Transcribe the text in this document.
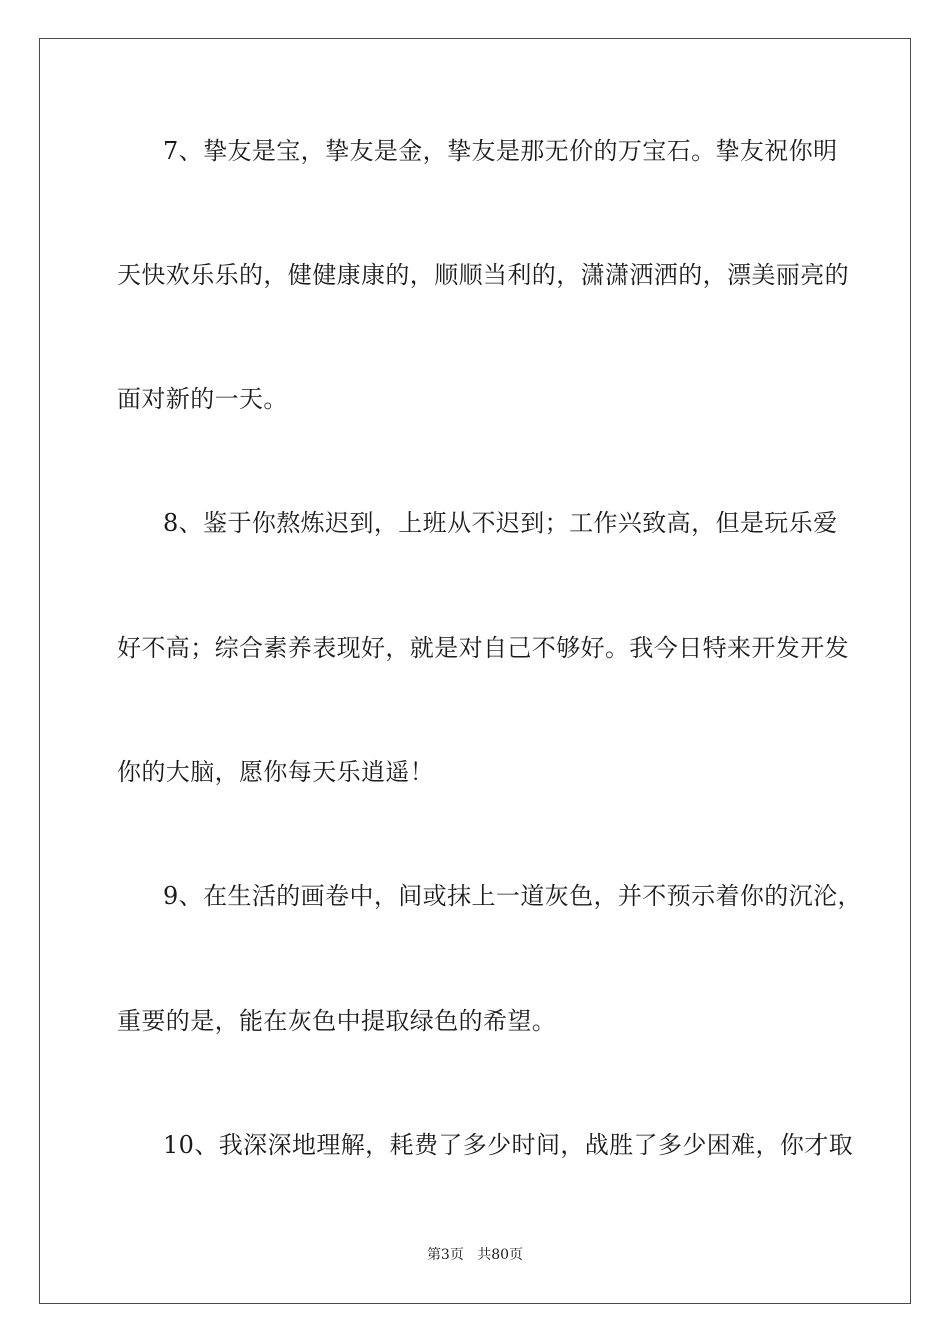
7、挚友是宝，挚友是金，挚友是那无价的万宝石。挚友祝你明
天快欢乐乐的，健健康康的，顺顺当利的，潇潇洒洒的，漂美丽亮的
面对新的一天。
8、鉴于你熬炼迟到，上班从不迟到；工作兴致高，但是玩乐爱
好不高；综合素养表现好，就是对自己不够好。我今日特来开发开发
你的大脑，愿你每天乐逍遥！
9、在生活的画卷中，间或抹上一道灰色，并不预示着你的沉沦，
重要的是，能在灰色中提取绿色的希望。
10、我深深地理解，耗费了多少时间，战胜了多少困难，你才取
第3页 共80页
